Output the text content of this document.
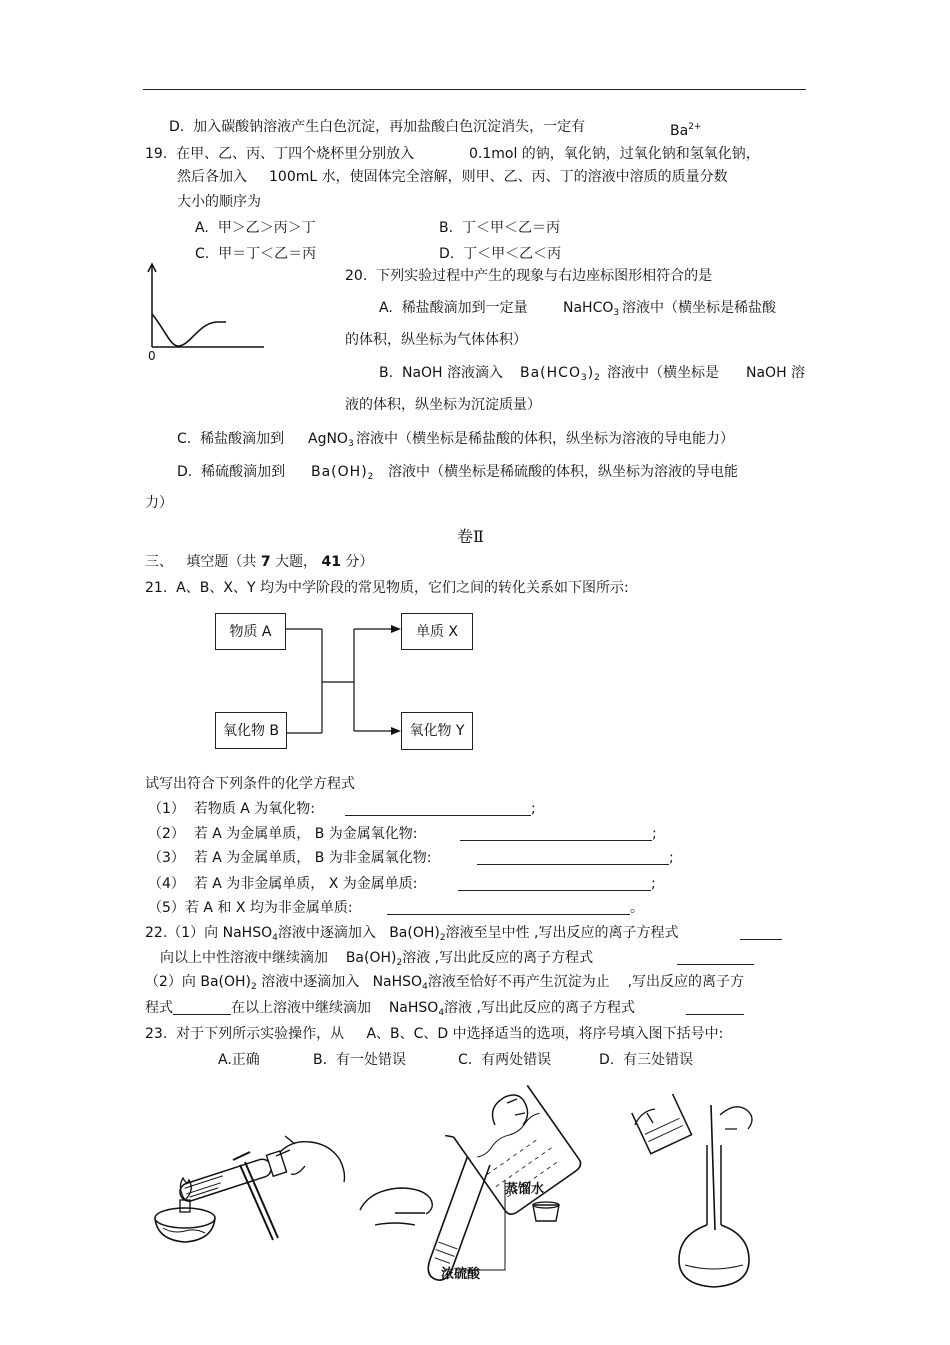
D. 加入碳酸钠溶液产生白色沉淀，再加盐酸白色沉淀消失，一定有	$Ba^{2+}$
19. 在甲、乙、丙、丁四个烧杯里分别放入	0.1mol 的钠，氧化钠，过氧化钠和氢氧化钠，
然后各加入 100mL 水，使固体完全溶解，则甲、乙、丙、丁的溶液中溶质的质量分数
大小的顺序为
A. 甲＞乙＞丙＞丁	B. 丁＜甲＜乙＝丙
C. 甲＝丁＜乙＝丙	D. 丁＜甲＜乙＜丙
0
20. 下列实验过程中产生的现象与右边座标图形相符合的是
A. 稀盐酸滴加到一定量	NaHCO$_3$ 溶液中（横坐标是稀盐酸
的体积，纵坐标为气体体积）
B. NaOH 溶液滴入 $Ba(HCO_3)_2$ 溶液中（横坐标是 NaOH 溶
液的体积，纵坐标为沉淀质量）
C. 稀盐酸滴加到 AgNO$_3$ 溶液中（横坐标是稀盐酸的体积，纵坐标为溶液的导电能力）
D. 稀硫酸滴加到 $Ba(OH)_2$ 溶液中（横坐标是稀硫酸的体积，纵坐标为溶液的导电能
力）
卷Ⅱ
三、 填空题（共 7 大题， 41 分）
21. A、B、X、Y 均为中学阶段的常见物质，它们之间的转化关系如下图所示:
物质 A
氧化物 B
单质 X
氧化物 Y
试写出符合下列条件的化学方程式
（1） 若物质 A 为氧化物:	;
（2） 若 A 为金属单质， B 为金属氧化物:	;
（3） 若 A 为金属单质， B 为非金属氧化物:	;
（4） 若 A 为非金属单质， X 为金属单质:	;
（5）若 A 和 X 均为非金属单质:	。
22.（1）向 NaHSO$_4$溶液中逐滴加入 $Ba(OH)_2$溶液至呈中性 ,写出反应的离子方程式
向以上中性溶液中继续滴加 $Ba(OH)_2$溶液 ,写出此反应的离子方程式
（2）向 $Ba(OH)_2$ 溶液中逐滴加入 NaHSO$_4$溶液至恰好不再产生沉淀为止 ,写出反应的离子方
程式	在以上溶液中继续滴加 NaHSO$_4$溶液 ,写出此反应的离子方程式
23. 对于下列所示实验操作，从 A、B、C、D 中选择适当的选项，将序号填入图下括号中:
A.正确	B. 有一处错误	C. 有两处错误	D. 有三处错误
蒸馏水
浓硫酸
